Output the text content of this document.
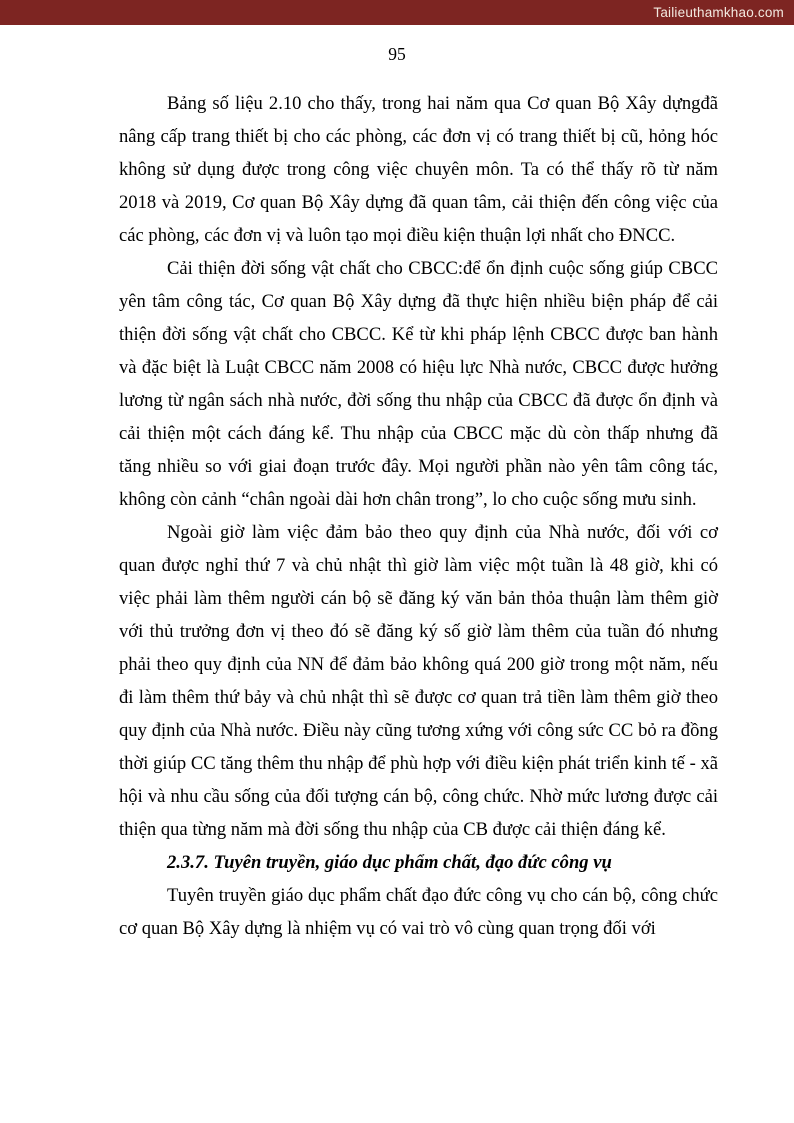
Tailieuthamkhao.com
95

Bảng số liệu 2.10 cho thấy, trong hai năm qua Cơ quan Bộ Xây dựngđã nâng cấp trang thiết bị cho các phòng, các đơn vị có trang thiết bị cũ, hỏng hóc không sử dụng được trong công việc chuyên môn. Ta có thể thấy rõ từ năm 2018 và 2019, Cơ quan Bộ Xây dựng đã quan tâm, cải thiện đến công việc của các phòng, các đơn vị và luôn tạo mọi điều kiện thuận lợi nhất cho ĐNCC.

Cải thiện đời sống vật chất cho CBCC:để ổn định cuộc sống giúp CBCC yên tâm công tác, Cơ quan Bộ Xây dựng đã thực hiện nhiều biện pháp để cải thiện đời sống vật chất cho CBCC. Kể từ khi pháp lệnh CBCC được ban hành và đặc biệt là Luật CBCC năm 2008 có hiệu lực Nhà nước, CBCC được hưởng lương từ ngân sách nhà nước, đời sống thu nhập của CBCC đã được ổn định và cải thiện một cách đáng kể. Thu nhập của CBCC mặc dù còn thấp nhưng đã tăng nhiều so với giai đoạn trước đây. Mọi người phần nào yên tâm công tác, không còn cảnh “chân ngoài dài hơn chân trong”, lo cho cuộc sống mưu sinh.

Ngoài giờ làm việc đảm bảo theo quy định của Nhà nước, đối với cơ quan được nghỉ thứ 7 và chủ nhật thì giờ làm việc một tuần là 48 giờ, khi có việc phải làm thêm người cán bộ sẽ đăng ký văn bản thỏa thuận làm thêm giờ với thủ trưởng đơn vị theo đó sẽ đăng ký số giờ làm thêm của tuần đó nhưng phải theo quy định của NN để đảm bảo không quá 200 giờ trong một năm, nếu đi làm thêm thứ bảy và chủ nhật thì sẽ được cơ quan trả tiền làm thêm giờ theo quy định của Nhà nước. Điều này cũng tương xứng với công sức CC bỏ ra đồng thời giúp CC tăng thêm thu nhập để phù hợp với điều kiện phát triển kinh tế - xã hội và nhu cầu sống của đối tượng cán bộ, công chức. Nhờ mức lương được cải thiện qua từng năm mà đời sống thu nhập của CB được cải thiện đáng kể.

2.3.7. Tuyên truyền, giáo dục phẩm chất, đạo đức công vụ

Tuyên truyền giáo dục phẩm chất đạo đức công vụ cho cán bộ, công chức cơ quan Bộ Xây dựng là nhiệm vụ có vai trò vô cùng quan trọng đối với
